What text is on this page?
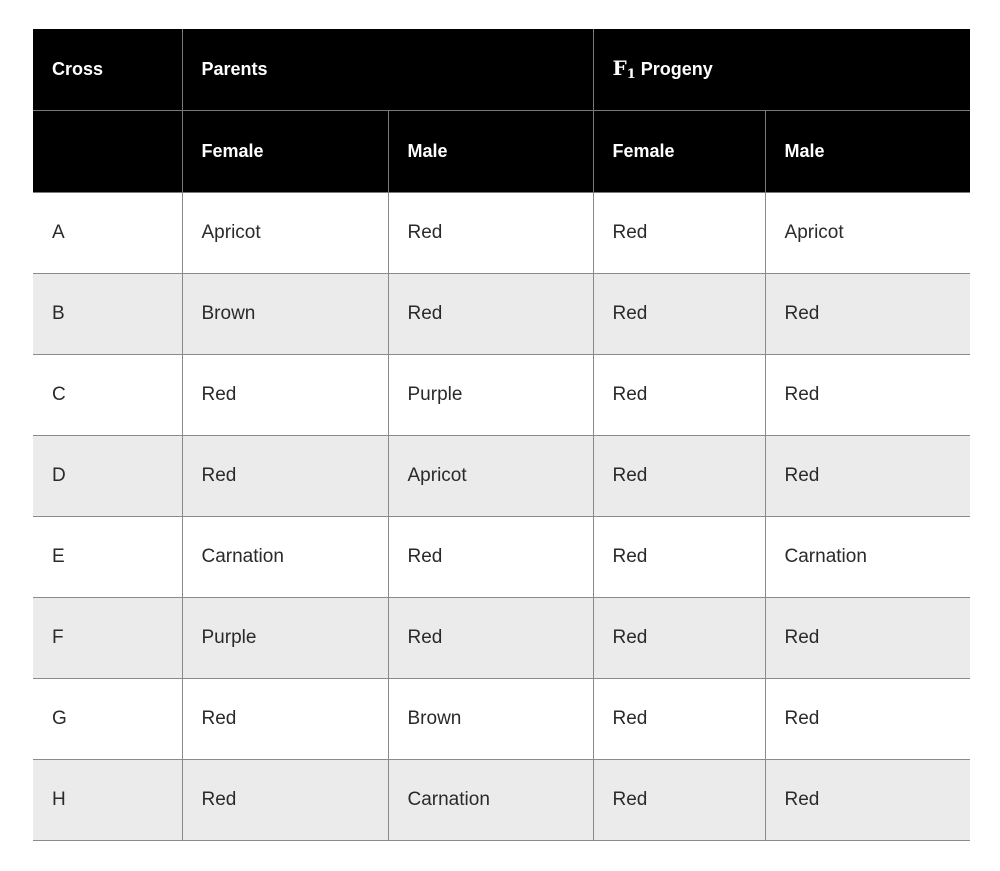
Cross	Parents		F1 Progeny	
	Female	Male	Female	Male
A	Apricot	Red	Red	Apricot
B	Brown	Red	Red	Red
C	Red	Purple	Red	Red
D	Red	Apricot	Red	Red
E	Carnation	Red	Red	Carnation
F	Purple	Red	Red	Red
G	Red	Brown	Red	Red
H	Red	Carnation	Red	Red
